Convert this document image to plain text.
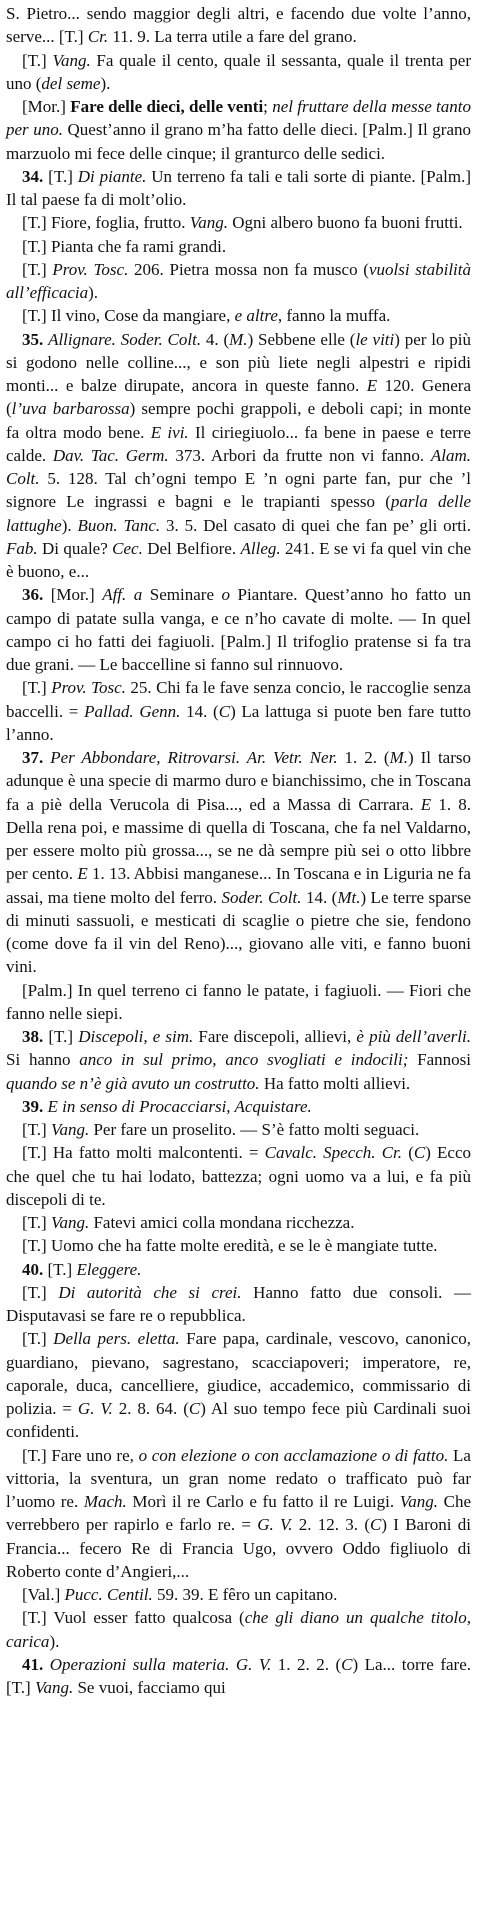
S. Pietro... sendo maggior degli altri, e facendo due volte l’anno, serve... [T.] Cr. 11. 9. La terra utile a fare del grano.

[T.] Vang. Fa quale il cento, quale il sessanta, quale il trenta per uno (del seme).

[Mor.] Fare delle dieci, delle venti; nel fruttare della messe tanto per uno. Quest’anno il grano m’ha fatto delle dieci. [Palm.] Il grano marzuolo mi fece delle cinque; il granturco delle sedici.

34. [T.] Di piante. Un terreno fa tali e tali sorte di piante. [Palm.] Il tal paese fa di molt’olio.

[T.] Fiore, foglia, frutto. Vang. Ogni albero buono fa buoni frutti.

[T.] Pianta che fa rami grandi.

[T.] Prov. Tosc. 206. Pietra mossa non fa musco (vuolsi stabilità all’efficacia).

[T.] Il vino, Cose da mangiare, e altre, fanno la muffa.

35. Allignare. Soder. Colt. 4. (M.) Sebbene elle (le viti) per lo più si godono nelle colline..., e son più liete negli alpestri e ripidi monti... e balze dirupate, ancora in queste fanno. E 120. Genera (l’uva barbarossa) sempre pochi grappoli, e deboli capi; in monte fa oltra modo bene. E ivi. Il ciriegiuolo... fa bene in paese e terre calde. Dav. Tac. Germ. 373. Arbori da frutte non vi fanno. Alam. Colt. 5. 128. Tal ch’ogni tempo E ’n ogni parte fan, pur che ’l signore Le ingrassi e bagni e le trapianti spesso (parla delle lattughe). Buon. Tanc. 3. 5. Del casato di quei che fan pe’ gli orti. Fab. Di quale? Cec. Del Belfiore. Alleg. 241. E se vi fa quel vin che è buono, e...

36. [Mor.] Aff. a Seminare o Piantare. Quest’anno ho fatto un campo di patate sulla vanga, e ce n’ho cavate di molte. — In quel campo ci ho fatti dei fagiuoli. [Palm.] Il trifoglio pratense si fa tra due grani. — Le baccelline si fanno sul rinnuovo.

[T.] Prov. Tosc. 25. Chi fa le fave senza concio, le raccoglie senza baccelli. = Pallad. Genn. 14. (C) La lattuga si puote ben fare tutto l’anno.

37. Per Abbondare, Ritrovarsi. Ar. Vetr. Ner. 1. 2. (M.) Il tarso adunque è una specie di marmo duro e bianchissimo, che in Toscana fa a piè della Verucola di Pisa..., ed a Massa di Carrara. E 1. 8. Della rena poi, e massime di quella di Toscana, che fa nel Valdarno, per essere molto più grossa..., se ne dà sempre più sei o otto libbre per cento. E 1. 13. Abbisi manganese... In Toscana e in Liguria ne fa assai, ma tiene molto del ferro. Soder. Colt. 14. (Mt.) Le terre sparse di minuti sassuoli, e mesticati di scaglie o pietre che sie, fendono (come dove fa il vin del Reno)..., giovano alle viti, e fanno buoni vini.

[Palm.] In quel terreno ci fanno le patate, i fagiuoli. — Fiori che fanno nelle siepi.

38. [T.] Discepoli, e sim. Fare discepoli, allievi, è più dell’averli. Si hanno anco in sul primo, anco svogliati e indocili; Fannosi quando se n’è già avuto un costrutto. Ha fatto molti allievi.

39. E in senso di Procacciarsi, Acquistare.

[T.] Vang. Per fare un proselito. — S’è fatto molti seguaci.

[T.] Ha fatto molti malcontenti. = Cavalc. Specch. Cr. (C) Ecco che quel che tu hai lodato, battezza; ogni uomo va a lui, e fa più discepoli di te.

[T.] Vang. Fatevi amici colla mondana ricchezza.

[T.] Uomo che ha fatte molte eredità, e se le è mangiate tutte.

40. [T.] Eleggere.

[T.] Di autorità che si crei. Hanno fatto due consoli. — Disputavasi se fare re o repubblica.

[T.] Della pers. eletta. Fare papa, cardinale, vescovo, canonico, guardiano, pievano, sagrestano, scacciapoveri; imperatore, re, caporale, duca, cancelliere, giudice, accademico, commissario di polizia. = G. V. 2. 8. 64. (C) Al suo tempo fece più Cardinali suoi confidenti.

[T.] Fare uno re, o con elezione o con acclamazione o di fatto. La vittoria, la sventura, un gran nome redato o trafficato può far l’uomo re. Mach. Morì il re Carlo e fu fatto il re Luigi. Vang. Che verrebbero per rapirlo e farlo re. = G. V. 2. 12. 3. (C) I Baroni di Francia... fecero Re di Francia Ugo, ovvero Oddo figliuolo di Roberto conte d’Angieri,...

[Val.] Pucc. Centil. 59. 39. E fêro un capitano.

[T.] Vuol esser fatto qualcosa (che gli diano un qualche titolo, carica).

41. Operazioni sulla materia. G. V. 1. 2. 2. (C) La... torre fare. [T.] Vang. Se vuoi, facciamo qui
